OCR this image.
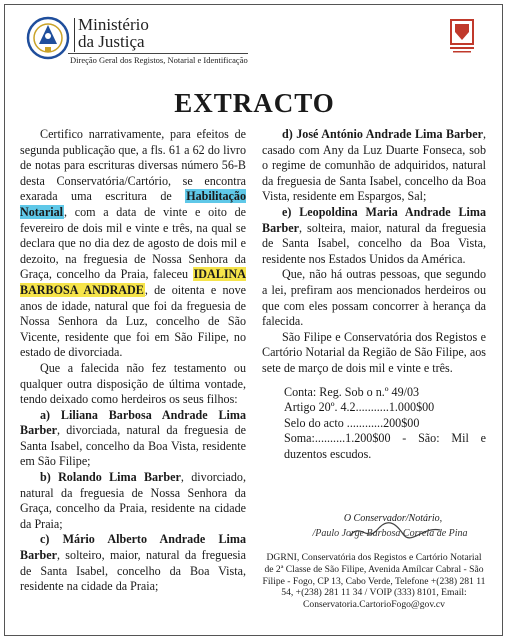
Ministério
da Justiça
Direção Geral dos Registos, Notarial e Identificação
EXTRACTO

Certifico narrativamente, para efeitos de segunda publicação que, a fls. 61 a 62 do livro de notas para escrituras diversas número 56-B desta Conservatória/Cartório, se encontra exarada uma escritura de Habilitação Notarial, com a data de vinte e oito de fevereiro de dois mil e vinte e três, na qual se declara que no dia dez de agosto de dois mil e dezoito, na freguesia de Nossa Senhora da Graça, concelho da Praia, faleceu IDALINA BARBOSA ANDRADE, de oitenta e nove anos de idade, natural que foi da freguesia de Nossa Senhora da Luz, concelho de São Vicente, residente que foi em São Filipe, no estado de divorciada.

Que a falecida não fez testamento ou qualquer outra disposição de última vontade, tendo deixado como herdeiros os seus filhos:

a) Liliana Barbosa Andrade Lima Barber, divorciada, natural da freguesia de Santa Isabel, concelho da Boa Vista, residente em São Filipe;

b) Rolando Lima Barber, divorciado, natural da freguesia de Nossa Senhora da Graça, concelho da Praia, residente na cidade da Praia;

c) Mário Alberto Andrade Lima Barber, solteiro, maior, natural da freguesia de Santa Isabel, concelho da Boa Vista, residente na cidade da Praia;

d) José António Andrade Lima Barber, casado com Any da Luz Duarte Fonseca, sob o regime de comunhão de adquiridos, natural da freguesia de Santa Isabel, concelho da Boa Vista, residente em Espargos, Sal;

e) Leopoldina Maria Andrade Lima Barber, solteira, maior, natural da freguesia de Santa Isabel, concelho da Boa Vista, residente nos Estados Unidos da América.

Que, não há outras pessoas, que segundo a lei, prefiram aos mencionados herdeiros ou que com eles possam concorrer à herança da falecida.

São Filipe e Conservatória dos Registos e Cartório Notarial da Região de São Filipe, aos sete de março de dois mil e vinte e três.

Conta: Reg. Sob o n.º 49/03
Artigo 20º. 4.2...........1.000$00
Selo do acto ............200$00
Soma:..........1.200$00 - São: Mil e duzentos escudos.
O Conservador/Notário,
/Paulo Jorge Barbosa Correia de Pina
DGRNI, Conservatória dos Registos e Cartório Notarial de 2ª Classe de São Filipe, Avenida Amílcar Cabral - São Filipe - Fogo, CP 13, Cabo Verde, Telefone +(238) 281 11 54, +(238) 281 11 34 / VOIP (333) 8101, Email: Conservatoria.CartorioFogo@gov.cv
